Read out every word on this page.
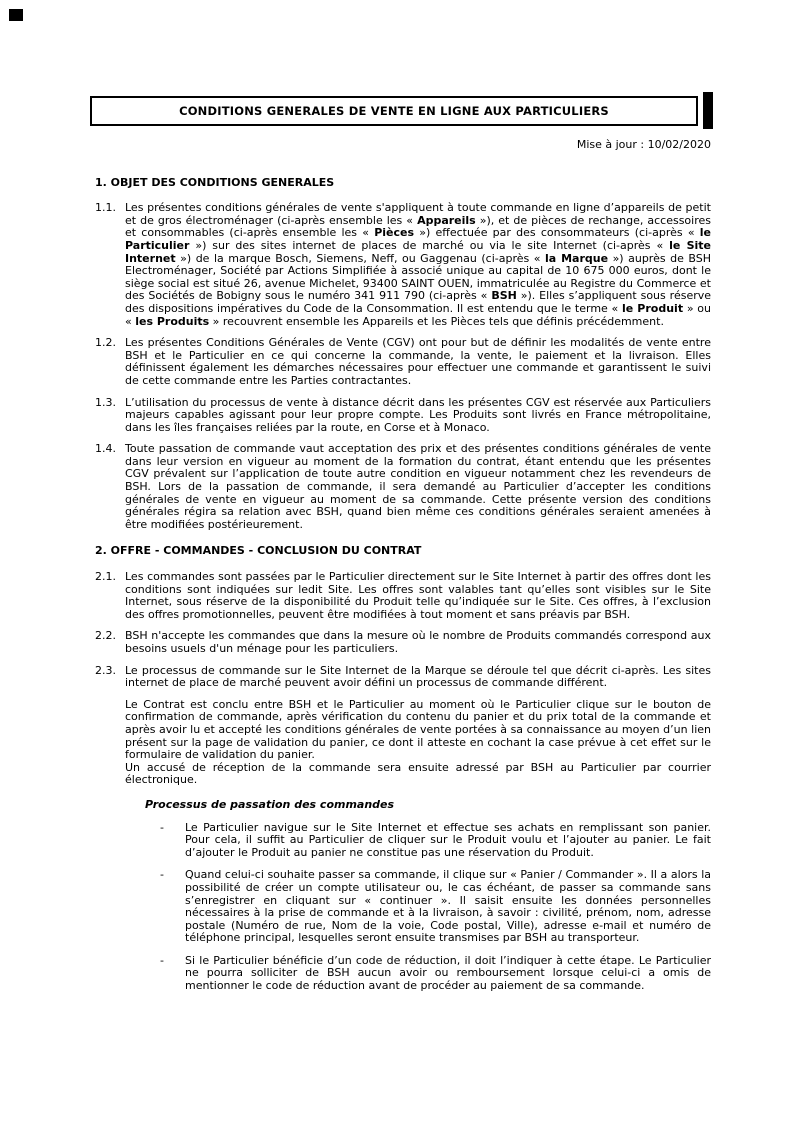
CONDITIONS GENERALES DE VENTE EN LIGNE AUX PARTICULIERS
Mise à jour : 10/02/2020
1. OBJET DES CONDITIONS GENERALES
1.1. Les présentes conditions générales de vente s'appliquent à toute commande en ligne d’appareils de petit et de gros électroménager (ci-après ensemble les « Appareils »), et de pièces de rechange, accessoires et consommables (ci-après ensemble les « Pièces ») effectuée par des consommateurs (ci-après « le Particulier ») sur des sites internet de places de marché ou via le site Internet (ci-après « le Site Internet ») de la marque Bosch, Siemens, Neff, ou Gaggenau (ci-après « la Marque ») auprès de BSH Electroménager, Société par Actions Simplifiée à associé unique au capital de 10 675 000 euros, dont le siège social est situé 26, avenue Michelet, 93400 SAINT OUEN, immatriculée au Registre du Commerce et des Sociétés de Bobigny sous le numéro 341 911 790 (ci-après « BSH »). Elles s’appliquent sous réserve des dispositions impératives du Code de la Consommation. Il est entendu que le terme « le Produit » ou « les Produits » recouvrent ensemble les Appareils et les Pièces tels que définis précédemment.
1.2. Les présentes Conditions Générales de Vente (CGV) ont pour but de définir les modalités de vente entre BSH et le Particulier en ce qui concerne la commande, la vente, le paiement et la livraison. Elles définissent également les démarches nécessaires pour effectuer une commande et garantissent le suivi de cette commande entre les Parties contractantes.
1.3. L’utilisation du processus de vente à distance décrit dans les présentes CGV est réservée aux Particuliers majeurs capables agissant pour leur propre compte. Les Produits sont livrés en France métropolitaine, dans les îles françaises reliées par la route, en Corse et à Monaco.
1.4. Toute passation de commande vaut acceptation des prix et des présentes conditions générales de vente dans leur version en vigueur au moment de la formation du contrat, étant entendu que les présentes CGV prévalent sur l’application de toute autre condition en vigueur notamment chez les revendeurs de BSH. Lors de la passation de commande, il sera demandé au Particulier d’accepter les conditions générales de vente en vigueur au moment de sa commande. Cette présente version des conditions générales régira sa relation avec BSH, quand bien même ces conditions générales seraient amenées à être modifiées postérieurement.
2. OFFRE - COMMANDES - CONCLUSION DU CONTRAT
2.1. Les commandes sont passées par le Particulier directement sur le Site Internet à partir des offres dont les conditions sont indiquées sur ledit Site. Les offres sont valables tant qu’elles sont visibles sur le Site Internet, sous réserve de la disponibilité du Produit telle qu’indiquée sur le Site. Ces offres, à l’exclusion des offres promotionnelles, peuvent être modifiées à tout moment et sans préavis par BSH.
2.2. BSH n'accepte les commandes que dans la mesure où le nombre de Produits commandés correspond aux besoins usuels d'un ménage pour les particuliers.
2.3. Le processus de commande sur le Site Internet de la Marque se déroule tel que décrit ci-après. Les sites internet de place de marché peuvent avoir défini un processus de commande différent.
Le Contrat est conclu entre BSH et le Particulier au moment où le Particulier clique sur le bouton de confirmation de commande, après vérification du contenu du panier et du prix total de la commande et après avoir lu et accepté les conditions générales de vente portées à sa connaissance au moyen d’un lien présent sur la page de validation du panier, ce dont il atteste en cochant la case prévue à cet effet sur le formulaire de validation du panier.
Un accusé de réception de la commande sera ensuite adressé par BSH au Particulier par courrier électronique.
Processus de passation des commandes
-	Le Particulier navigue sur le Site Internet et effectue ses achats en remplissant son panier. Pour cela, il suffit au Particulier de cliquer sur le Produit voulu et l’ajouter au panier. Le fait d’ajouter le Produit au panier ne constitue pas une réservation du Produit.
-	Quand celui-ci souhaite passer sa commande, il clique sur « Panier / Commander ». Il a alors la possibilité de créer un compte utilisateur ou, le cas échéant, de passer sa commande sans s’enregistrer en cliquant sur « continuer ». Il saisit ensuite les données personnelles nécessaires à la prise de commande et à la livraison, à savoir : civilité, prénom, nom, adresse postale (Numéro de rue, Nom de la voie, Code postal, Ville), adresse e-mail et numéro de téléphone principal, lesquelles seront ensuite transmises par BSH au transporteur.
-	Si le Particulier bénéficie d’un code de réduction, il doit l’indiquer à cette étape. Le Particulier ne pourra solliciter de BSH aucun avoir ou remboursement lorsque celui-ci a omis de mentionner le code de réduction avant de procéder au paiement de sa commande.
